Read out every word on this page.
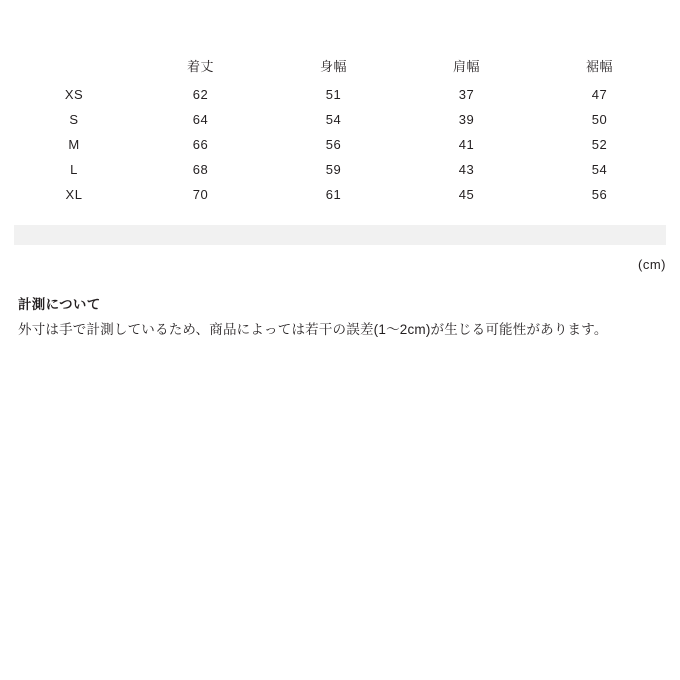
	着丈	身幅	肩幅	裾幅
XS	62	51	37	47
S	64	54	39	50
M	66	56	41	52
L	68	59	43	54
XL	70	61	45	56
(cm)
計測について
外寸は手で計測しているため、商品によっては若干の誤差(1〜2cm)が生じる可能性があります。
